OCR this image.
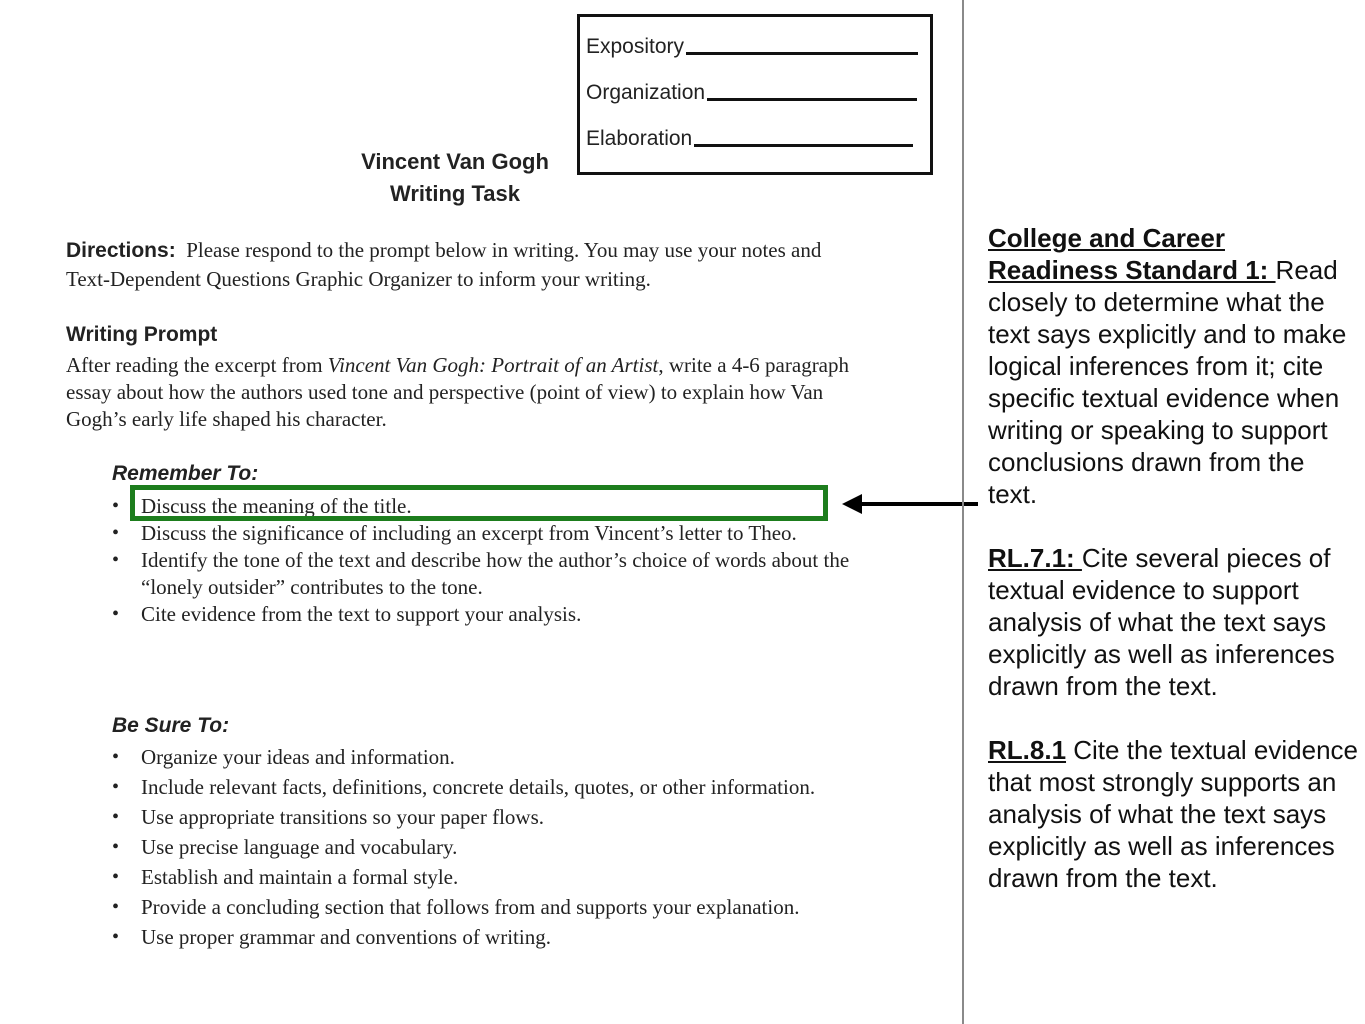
Expository
Organization
Elaboration
Vincent Van Gogh
Writing Task
Directions: Please respond to the prompt below in writing. You may use your notes and Text-Dependent Questions Graphic Organizer to inform your writing.
Writing Prompt
After reading the excerpt from Vincent Van Gogh: Portrait of an Artist, write a 4-6 paragraph essay about how the authors used tone and perspective (point of view) to explain how Van Gogh’s early life shaped his character.
Remember To:
• Discuss the meaning of the title.
• Discuss the significance of including an excerpt from Vincent’s letter to Theo.
• Identify the tone of the text and describe how the author’s choice of words about the “lonely outsider” contributes to the tone.
• Cite evidence from the text to support your analysis.
Be Sure To:
• Organize your ideas and information.
• Include relevant facts, definitions, concrete details, quotes, or other information.
• Use appropriate transitions so your paper flows.
• Use precise language and vocabulary.
• Establish and maintain a formal style.
• Provide a concluding section that follows from and supports your explanation.
• Use proper grammar and conventions of writing.

College and Career Readiness Standard 1: Read closely to determine what the text says explicitly and to make logical inferences from it; cite specific textual evidence when writing or speaking to support conclusions drawn from the text.

RL.7.1: Cite several pieces of textual evidence to support analysis of what the text says explicitly as well as inferences drawn from the text.

RL.8.1 Cite the textual evidence that most strongly supports an analysis of what the text says explicitly as well as inferences drawn from the text.
